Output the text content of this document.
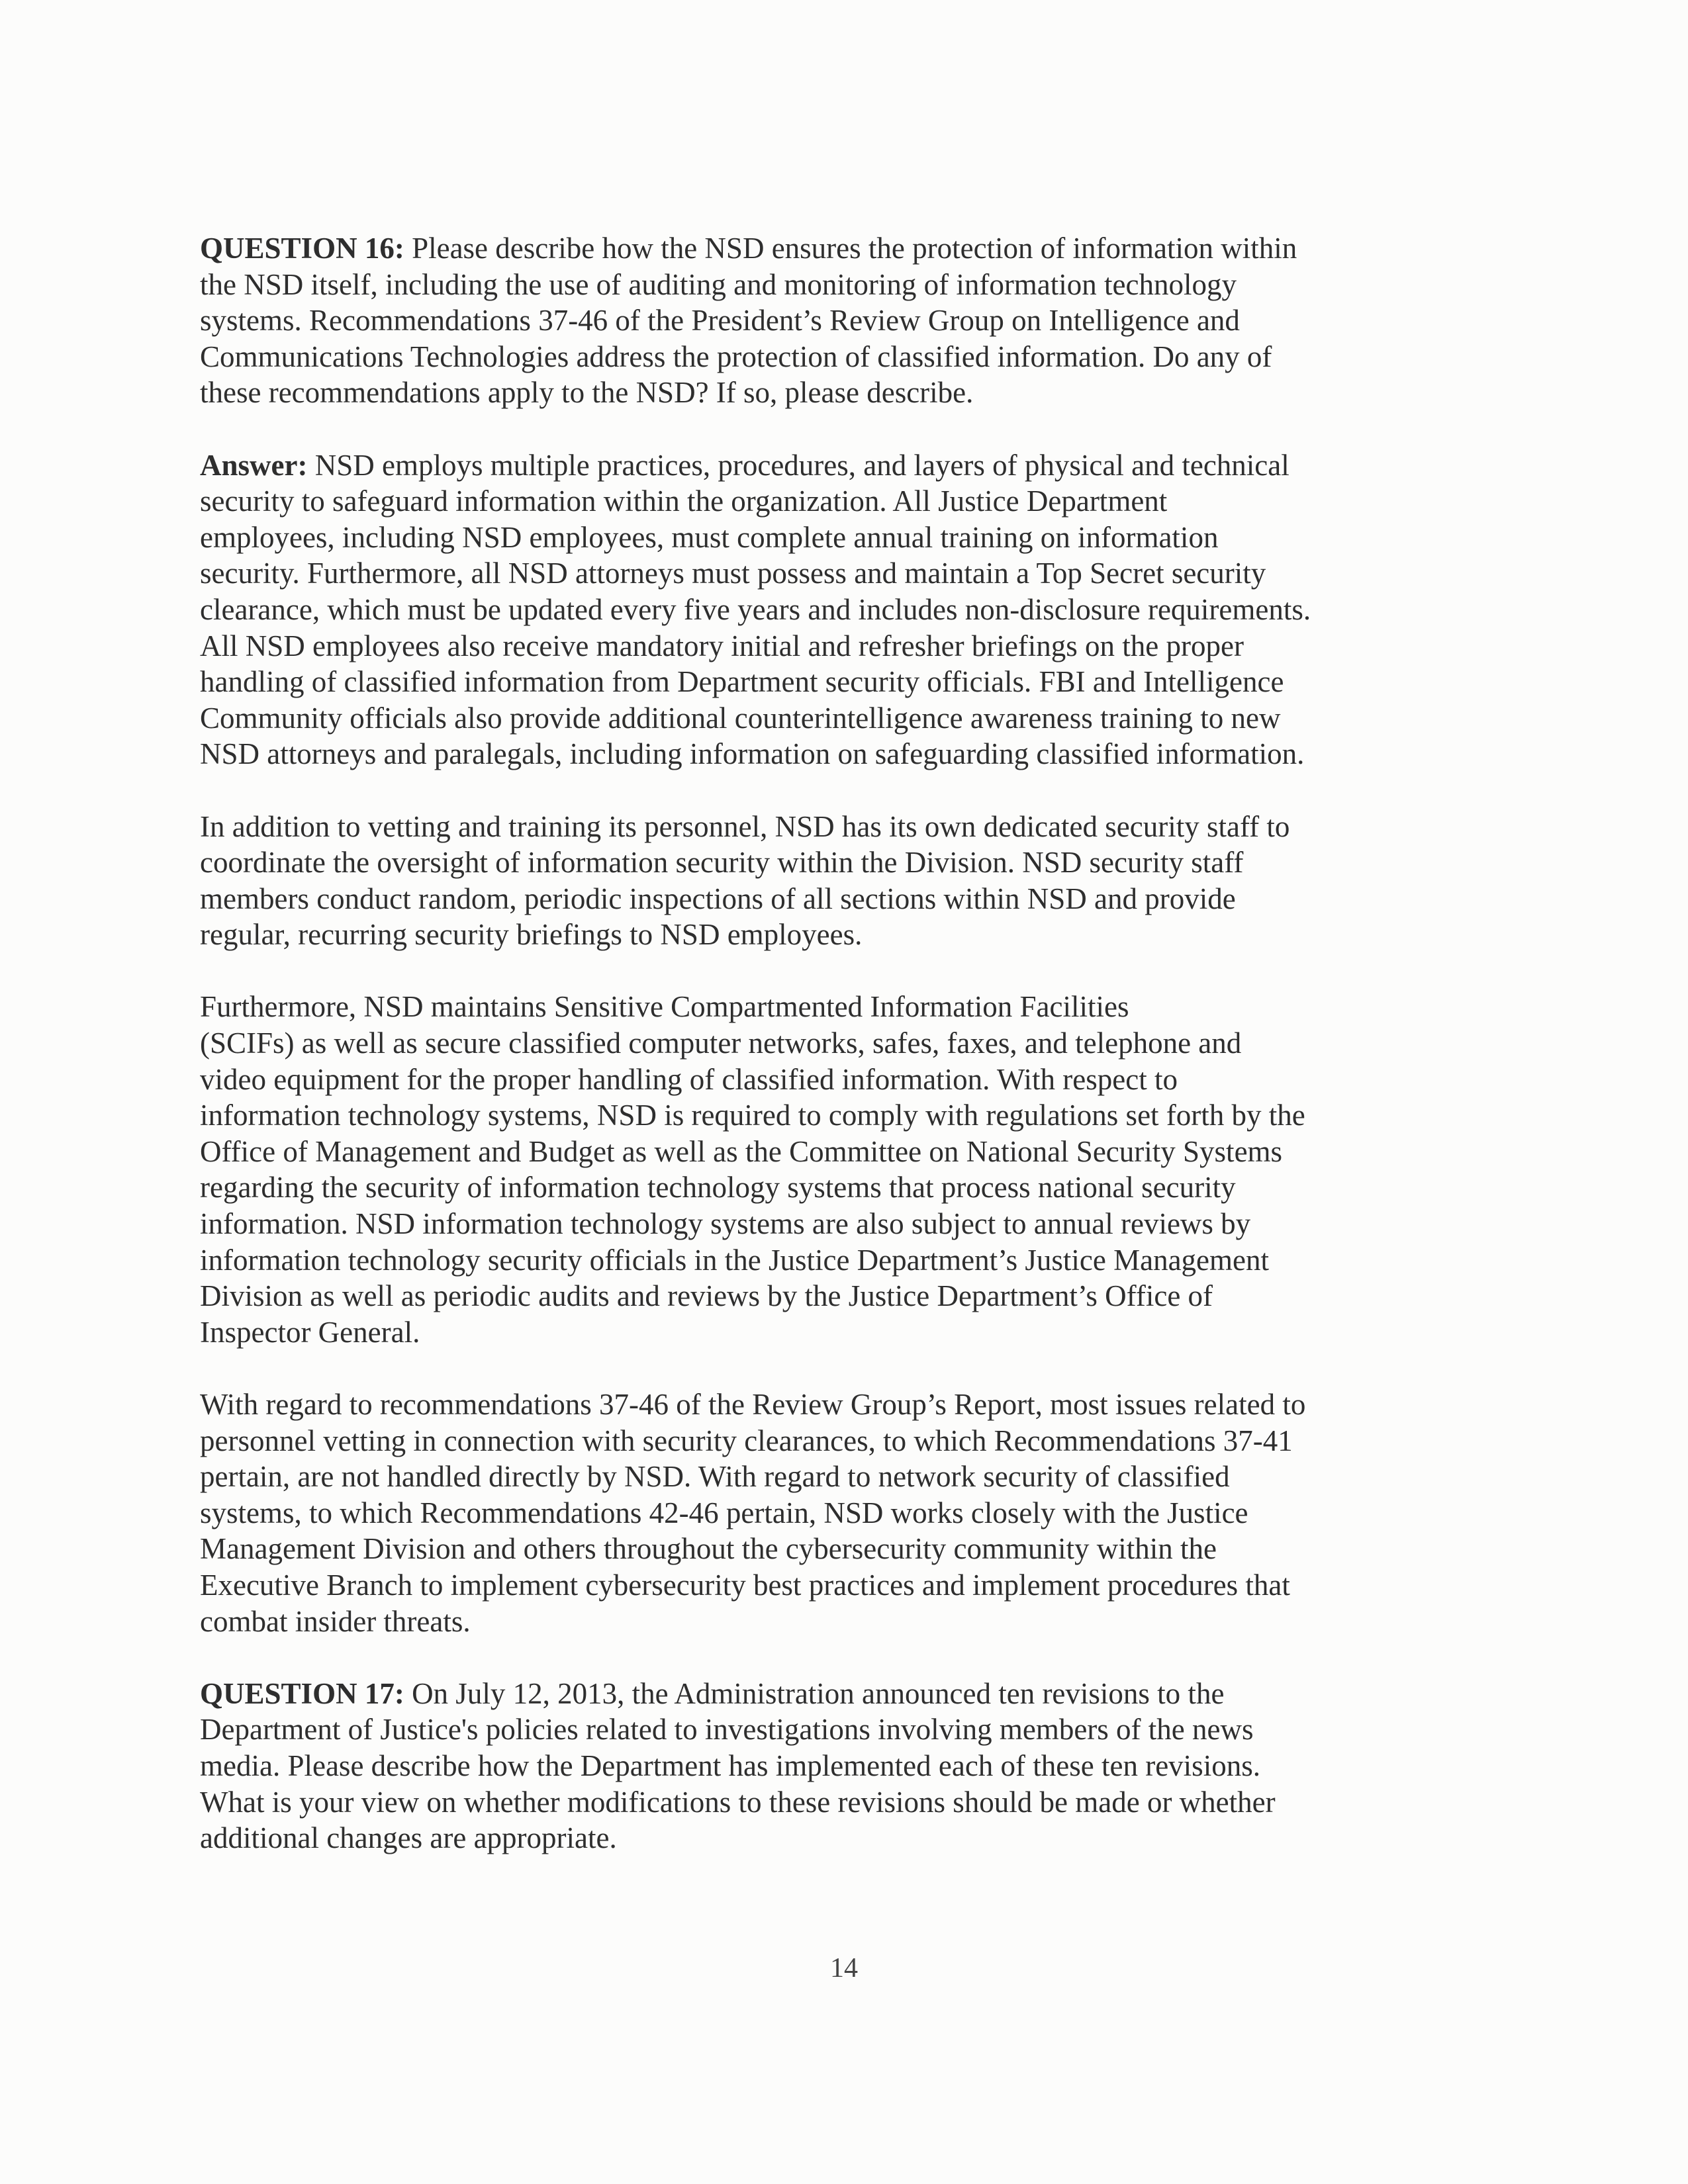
QUESTION 16: Please describe how the NSD ensures the protection of information within
the NSD itself, including the use of auditing and monitoring of information technology
systems. Recommendations 37-46 of the President’s Review Group on Intelligence and
Communications Technologies address the protection of classified information. Do any of
these recommendations apply to the NSD? If so, please describe.
Answer: NSD employs multiple practices, procedures, and layers of physical and technical
security to safeguard information within the organization. All Justice Department
employees, including NSD employees, must complete annual training on information
security. Furthermore, all NSD attorneys must possess and maintain a Top Secret security
clearance, which must be updated every five years and includes non-disclosure requirements.
All NSD employees also receive mandatory initial and refresher briefings on the proper
handling of classified information from Department security officials. FBI and Intelligence
Community officials also provide additional counterintelligence awareness training to new
NSD attorneys and paralegals, including information on safeguarding classified information.
In addition to vetting and training its personnel, NSD has its own dedicated security staff to
coordinate the oversight of information security within the Division. NSD security staff
members conduct random, periodic inspections of all sections within NSD and provide
regular, recurring security briefings to NSD employees.
Furthermore, NSD maintains Sensitive Compartmented Information Facilities
(SCIFs) as well as secure classified computer networks, safes, faxes, and telephone and
video equipment for the proper handling of classified information. With respect to
information technology systems, NSD is required to comply with regulations set forth by the
Office of Management and Budget as well as the Committee on National Security Systems
regarding the security of information technology systems that process national security
information. NSD information technology systems are also subject to annual reviews by
information technology security officials in the Justice Department’s Justice Management
Division as well as periodic audits and reviews by the Justice Department’s Office of
Inspector General.
With regard to recommendations 37-46 of the Review Group’s Report, most issues related to
personnel vetting in connection with security clearances, to which Recommendations 37-41
pertain, are not handled directly by NSD. With regard to network security of classified
systems, to which Recommendations 42-46 pertain, NSD works closely with the Justice
Management Division and others throughout the cybersecurity community within the
Executive Branch to implement cybersecurity best practices and implement procedures that
combat insider threats.
QUESTION 17: On July 12, 2013, the Administration announced ten revisions to the
Department of Justice's policies related to investigations involving members of the news
media. Please describe how the Department has implemented each of these ten revisions.
What is your view on whether modifications to these revisions should be made or whether
additional changes are appropriate.
14
